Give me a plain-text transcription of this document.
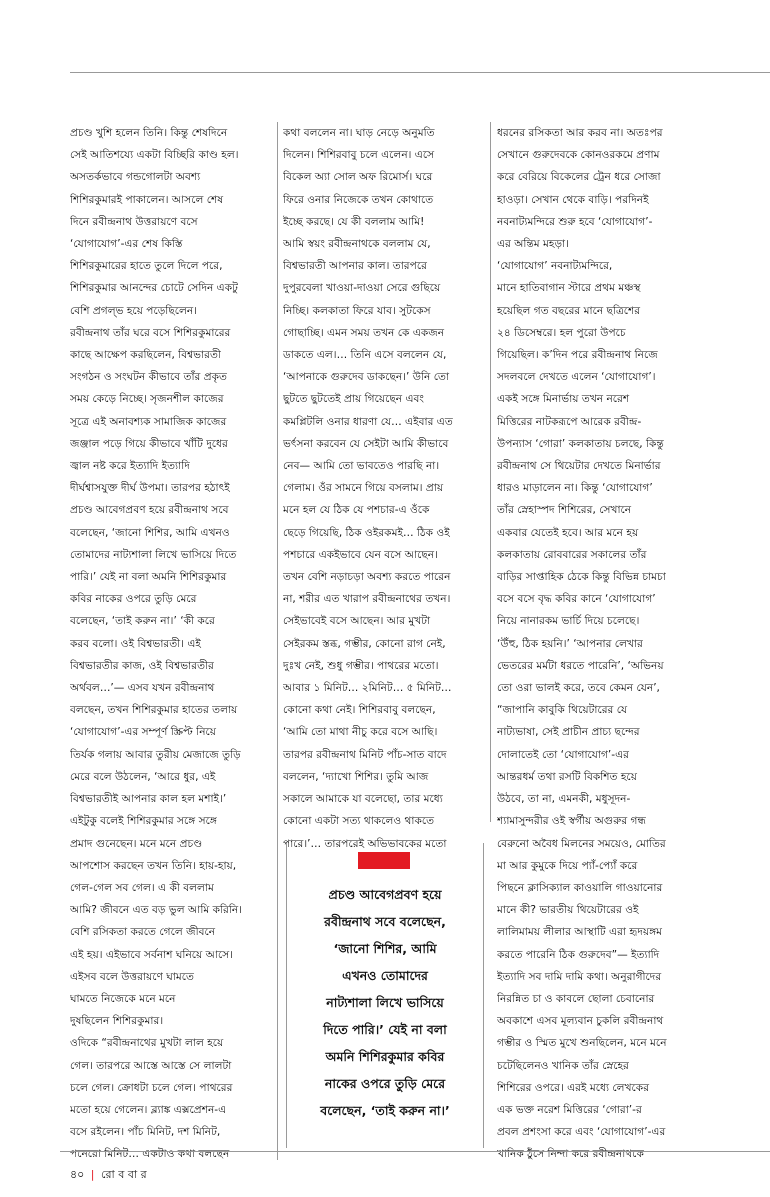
প্রচণ্ড খুশি হলেন তিনি। কিন্তু শেষদিনে

সেই আতিশয্যে একটা বিচ্ছিরি কাণ্ড হল।

অসতর্কভাবে গন্ডগোলটা অবশ্য

শিশিরকুমারই পাকালেন। আসলে শেষ

দিনে রবীন্দ্রনাথ উত্তরায়ণে বসে

‘যোগাযোগ’-এর শেষ কিস্তি

শিশিরকুমারের হাতে তুলে দিলে পরে,

শিশিরকুমার আনন্দের চোটে সেদিন একটু

বেশি প্রগল্ভ হয়ে পড়েছিলেন।

রবীন্দ্রনাথ তাঁর ঘরে বসে শিশিরকুমারের

কাছে আক্ষেপ করছিলেন, বিশ্বভারতী

সংগঠন ও সংঘটন কীভাবে তাঁর প্রকৃত

সময় কেড়ে নিচ্ছে। সৃজনশীল কাজের

সূত্রে এই অনাবশ্যক সামাজিক কাজের

জঞ্জাল পড়ে গিয়ে কীভাবে খাঁটি দুধের

জ্বাল নষ্ট করে ইত্যাদি ইত্যাদি

দীর্ঘশ্বাসযুক্ত দীর্ঘ উপমা। তারপর হঠাৎই

প্রচণ্ড আবেগপ্রবণ হয়ে রবীন্দ্রনাথ সবে

বলেছেন, ‘জানো শিশির, আমি এখনও

তোমাদের নাট্যশালা লিখে ভাসিয়ে দিতে

পারি।’ যেই না বলা অমনি শিশিরকুমার

কবির নাকের ওপরে তুড়ি মেরে

বলেছেন, ‘তাই করুন না।’ ‘কী করে

করব বলো। ওই বিশ্বভারতী। এই

বিশ্বভারতীর কাজ, ওই বিশ্বভারতীর

অর্থবল…’— এসব যখন রবীন্দ্রনাথ

বলছেন, তখন শিশিরকুমার হাতের তলায়

‘যোগাযোগ’-এর সম্পূর্ণ স্ক্রিপ্ট নিয়ে

তির্যক গলায় আবার তুরীয় মেজাজে তুড়ি

মেরে বলে উঠলেন, ‘আরে ধুর, এই

বিশ্বভারতীই আপনার কাল হল মশাই।’

এইটুকু বলেই শিশিরকুমার সঙ্গে সঙ্গে

প্রমাদ গুনেছেন। মনে মনে প্রচণ্ড

আপশোস করছেন তখন তিনি। হায়-হায়,

গেল-গেল সব গেল। এ কী বললাম

আমি? জীবনে এত বড় ভুল আমি করিনি।

বেশি রসিকতা করতে গেলে জীবনে

এই হয়। এইভাবে সর্বনাশ ঘনিয়ে আসে।

এইসব বলে উত্তরায়ণে ঘামতে

ঘামতে নিজেকে মনে মনে

দুষছিলেন শিশিরকুমার।

ওদিকে “রবীন্দ্রনাথের মুখটা লাল হয়ে

গেল। তারপরে আস্তে আস্তে সে লালটা

চলে গেল। ক্রোধটা চলে গেল। পাথরের

মতো হয়ে গেলেন। ব্ল্যাঙ্ক এক্সপ্রেশন-এ

বসে রইলেন। পাঁচ মিনিট, দশ মিনিট,

পনেরো মিনিট… একটাও কথা বলছেন

কথা বললেন না। ঘাড় নেড়ে অনুমতি

দিলেন। শিশিরবাবু চলে এলেন। এসে

বিকেল অ্যা সোল অফ রিমোর্স। ঘরে

ফিরে ওনার নিজেকে তখন কোথাতে

ইচ্ছে করছে। যে কী বললাম আমি!

আমি স্বয়ং রবীন্দ্রনাথকে বললাম যে,

বিশ্বভারতী আপনার কাল। তারপরে

দুপুরবেলা খাওয়া-দাওয়া সেরে গুছিয়ে

নিচ্ছি। কলকাতা ফিরে যাব। সুটকেস

গোছাচ্ছি। এমন সময় তখন কে একজন

ডাকতে এল।… তিনি এসে বললেন যে,

‘আপনাকে গুরুদেব ডাকছেন।’ উনি তো

ছুটতে ছুটতেই প্রায় গিয়েছেন এবং

কমপ্লিটলি ওনার ধারণা যে… এইবার এত

ভর্ৎসনা করবেন যে সেইটা আমি কীভাবে

নেব— আমি তো ভাবতেও পারছি না।

গেলাম। ওঁর সামনে গিয়ে বসলাম। প্রায়

মনে হল যে ঠিক যে পশচার-এ ওঁকে

ছেড়ে গিয়েছি, ঠিক ওইরকমই… ঠিক ওই

পশচারে একইভাবে যেন বসে আছেন।

তখন বেশি নড়াচড়া অবশ্য করতে পারেন

না, শরীর এত খারাপ রবীন্দ্রনাথের তখন।

সেইভাবেই বসে আছেন। আর মুখটা

সেইরকম স্তব্ধ, গম্ভীর, কোনো রাগ নেই,

দুঃখ নেই, শুধু গম্ভীর। পাথরের মতো।

আবার ১ মিনিট… ২মিনিট… ৫ মিনিট…

কোনো কথা নেই। শিশিরবাবু বলছেন,

‘আমি তো মাথা নীচু করে বসে আছি।

তারপর রবীন্দ্রনাথ মিনিট পাঁচ-সাত বাদে

বললেন, ‘দ্যাখো শিশির। তুমি আজ

সকালে আমাকে যা বলেছো, তার মধ্যে

কোনো একটা সত্য থাকলেও থাকতে

পারে।’… তারপরেই অভিভাবকের মতো

ধরনের রসিকতা আর করব না। অতঃপর

সেখানে গুরুদেবকে কোনওরকমে প্রণাম

করে বেরিয়ে বিকেলের ট্রেন ধরে সোজা

হাওড়া। সেখান থেকে বাড়ি। পরদিনই

নবনাট্যমন্দিরে শুরু হবে ‘যোগাযোগ’-

এর অন্তিম মহড়া।

‘যোগাযোগ’ নবনাট্যমন্দিরে,

মানে হাতিবাগান স্টারে প্রথম মঞ্চস্থ

হয়েছিল গত বছরের মানে ছত্রিশের

২৪ ডিসেম্বরে। হল পুরো উপচে

গিয়েছিল। ক’দিন পরে রবীন্দ্রনাথ নিজে

সদলবলে দেখতে এলেন ‘যোগাযোগ’।

একই সঙ্গে মিনার্ভায় তখন নরেশ

মিত্তিরের নাটকরূপে আরেক রবীন্দ্র-

উপন্যাস ‘গোরা’ কলকাতায় চলছে, কিন্তু

রবীন্দ্রনাথ সে থিয়েটার দেখতে মিনার্ভার

ধারও মাড়ালেন না। কিন্তু ‘যোগাযোগ’

তাঁর স্নেহাস্পদ শিশিরের, সেখানে

একবার যেতেই হবে। আর মনে হয়

কলকাতায় রোববারের সকালের তাঁর

বাড়ির সাপ্তাহিক ঠেকে কিন্তু বিভিন্ন চামচা

বসে বসে বৃদ্ধ কবির কানে ‘যোগাযোগ’

নিয়ে নানারকম ভার্চি দিয়ে চলেছে।

‘উঁহু, ঠিক হয়নি।’ ‘আপনার লেখার

ভেতরের মর্মটা ধরতে পারেনি’, ‘অভিনয়

তো ওরা ভালই করে, তবে কেমন যেন’,

“জাপানি কাবুকি থিয়েটারের যে

নাট্যভাষা, সেই প্রাচীন প্রাচ্য ছন্দের

দোলাতেই তো ‘যোগাযোগ’-এর

আন্তরধর্ম তথা রসটি বিকশিত হয়ে

উঠবে, তা না, এমনকী, মধুসূদন-

শ্যামাসুন্দরীর ওই স্বর্গীয় অগুরুর গন্ধ

বেরুনো অবৈধ মিলনের সময়েও, মোতির

মা আর কুমুকে দিয়ে প্যাঁ-প্যোঁ করে

পিছনে ক্লাসিক্যাল কাওয়ালি গাওয়ানোর

মানে কী? ভারতীয় থিয়েটারের ওই

লালিমাময় লীলার আস্থাটি এরা হৃদয়ঙ্গম

করতে পারেনি ঠিক গুরুদেব”— ইত্যাদি

ইত্যাদি সব দামি দামি কথা। অনুরাগীদের

নিরন্নিত চা ও কাবলে ছোলা চেবানোর

অবকাশে এসব মূল্যবান চুকলি রবীন্দ্রনাথ

গম্ভীর ও স্মিত মুখে শুনছিলেন, মনে মনে

চটেছিলেনও খানিক তাঁর স্নেহের

শিশিরের ওপরে। এরই মধ্যে লেখকের

এক ভক্ত নরেশ মিত্তিরের ‘গোরা’-র

প্রবল প্রশংসা করে এবং ‘যোগাযোগ’-এর

খানিক ঠুঁসে নিন্দা করে রবীন্দ্রনাথকে

প্রচণ্ড আবেগপ্রবণ হয়ে

রবীন্দ্রনাথ সবে বলেছেন,

‘জানো শিশির, আমি

এখনও তোমাদের

নাট্যশালা লিখে ভাসিয়ে

দিতে পারি।’ যেই না বলা

অমনি শিশিরকুমার কবির

নাকের ওপরে তুড়ি মেরে

বলেছেন, ‘তাই করুন না।’

৪০ | রো ব বা র
